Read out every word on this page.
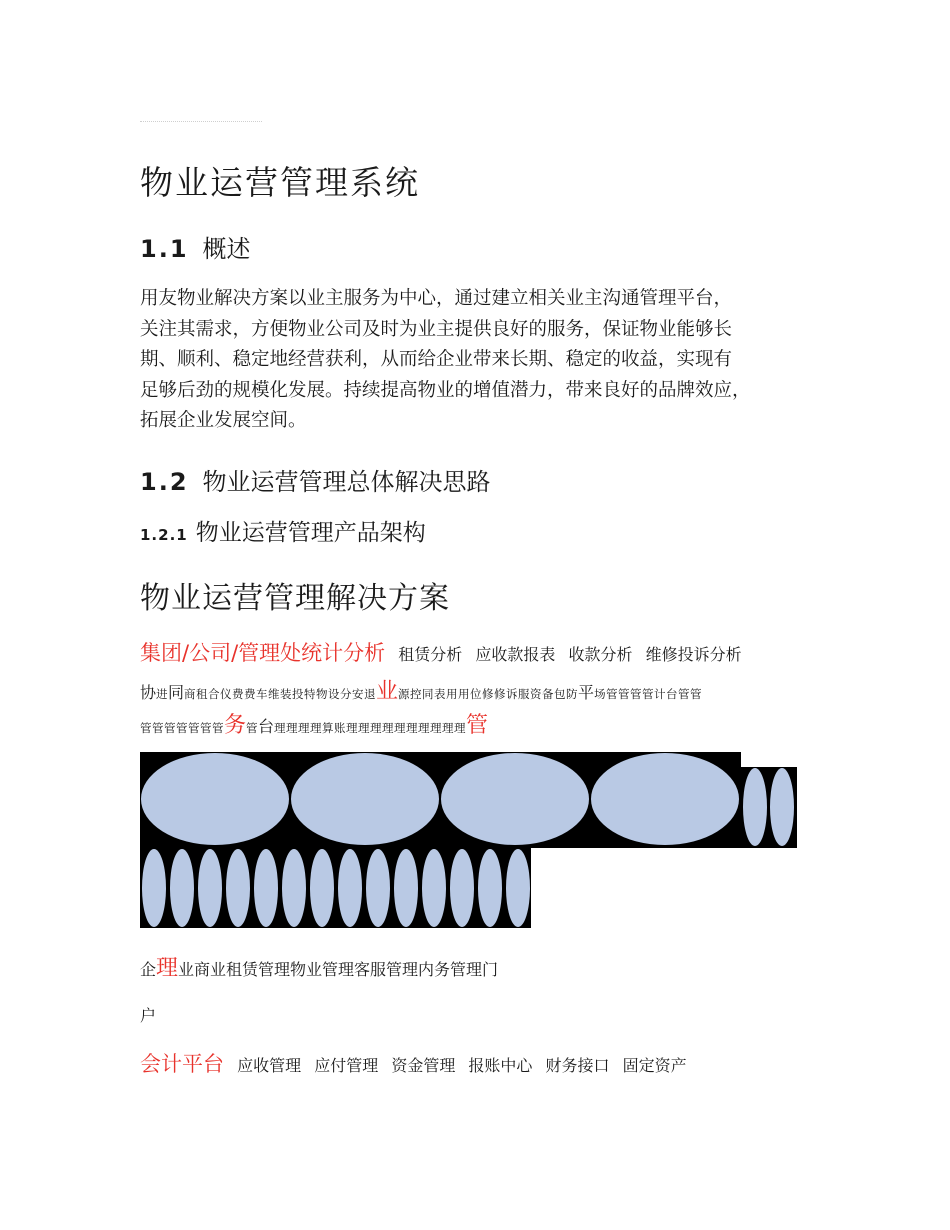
物业运营管理系统
1.1 概述
用友物业解决方案以业主服务为中心，通过建立相关业主沟通管理平台，
关注其需求，方便物业公司及时为业主提供良好的服务，保证物业能够长
期、顺利、稳定地经营获利，从而给企业带来长期、稳定的收益，实现有
足够后劲的规模化发展。持续提高物业的增值潜力，带来良好的品牌效应，
拓展企业发展空间。
1.2 物业运营管理总体解决思路
1.2.1 物业运营管理产品架构
物业运营管理解决方案
集团/公司/管理处统计分析 租赁分析 应收款报表 收款分析 维修投诉分析
协进同商租合仪费费车维装投特物设分安退业源控同表用用位修修诉服资备包防平场管管管管计台管管
管管管管管管管务管台理理理理算账理理理理理理理理理理管
企理业商业租赁管理物业管理客服管理内务管理门
户
会计平台 应收管理 应付管理 资金管理 报账中心 财务接口 固定资产
